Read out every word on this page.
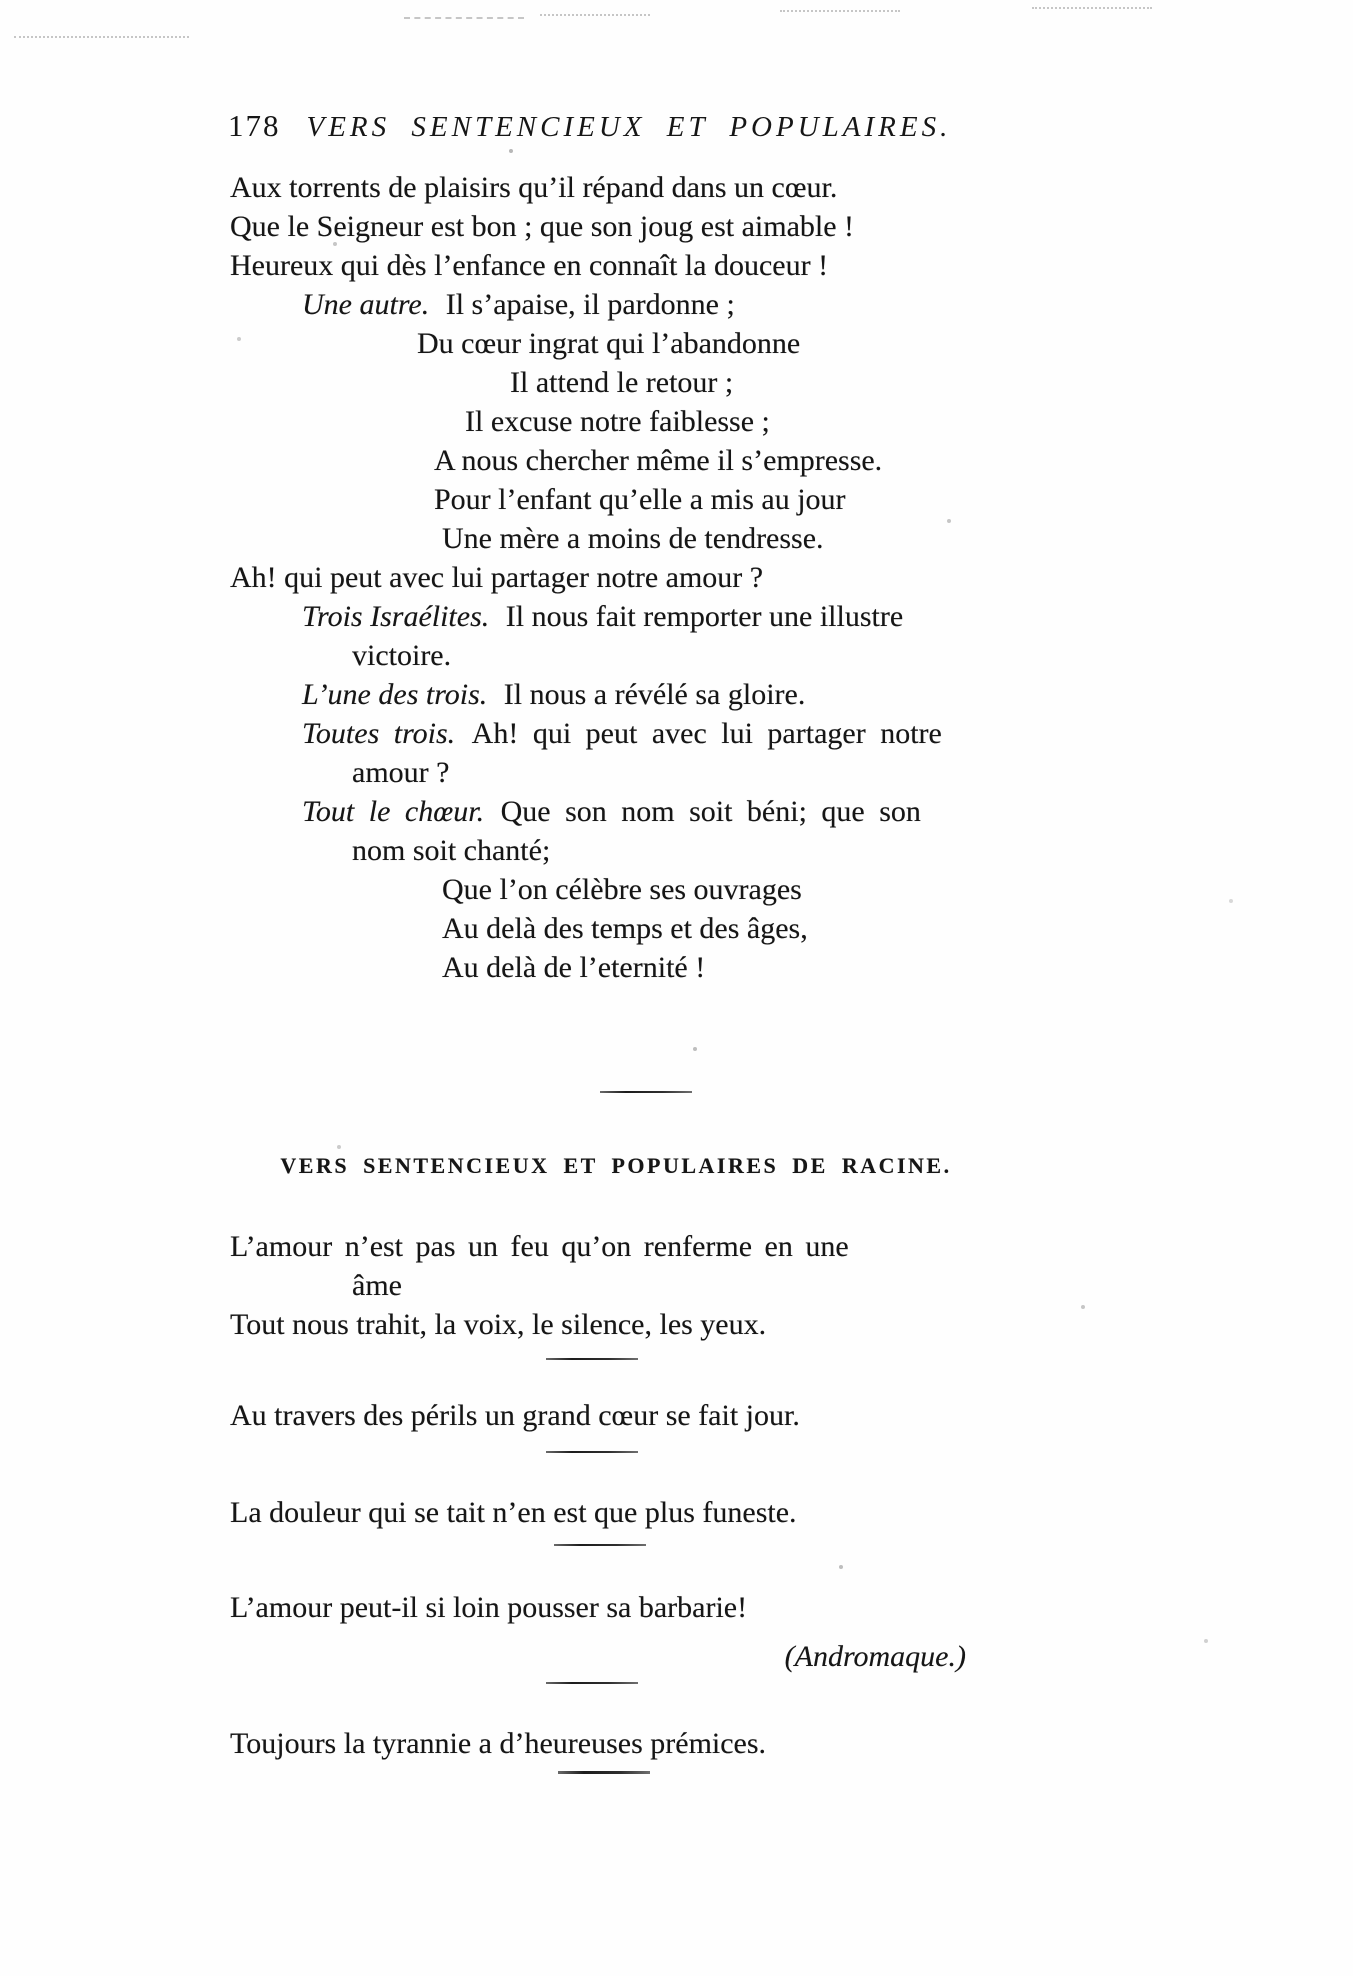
178 VERS SENTENCIEUX ET POPULAIRES.

Aux torrents de plaisirs qu’il répand dans un cœur.

Que le Seigneur est bon ; que son joug est aimable !

Heureux qui dès l’enfance en connaît la douceur !

Une autre. Il s’apaise, il pardonne ;

Du cœur ingrat qui l’abandonne

Il attend le retour ;

Il excuse notre faiblesse ;

A nous chercher même il s’empresse.

Pour l’enfant qu’elle a mis au jour

Une mère a moins de tendresse.

Ah! qui peut avec lui partager notre amour ?

Trois Israélites. Il nous fait remporter une illustre

victoire.

L’une des trois. Il nous a révélé sa gloire.

Toutes trois. Ah! qui peut avec lui partager notre

amour ?

Tout le chœur. Que son nom soit béni; que son

nom soit chanté;

Que l’on célèbre ses ouvrages

Au delà des temps et des âges,

Au delà de l’eternité !

VERS SENTENCIEUX ET POPULAIRES DE RACINE.

L’amour n’est pas un feu qu’on renferme en une

âme

Tout nous trahit, la voix, le silence, les yeux.

Au travers des périls un grand cœur se fait jour.

La douleur qui se tait n’en est que plus funeste.

L’amour peut-il si loin pousser sa barbarie!

(Andromaque.)

Toujours la tyrannie a d’heureuses prémices.
